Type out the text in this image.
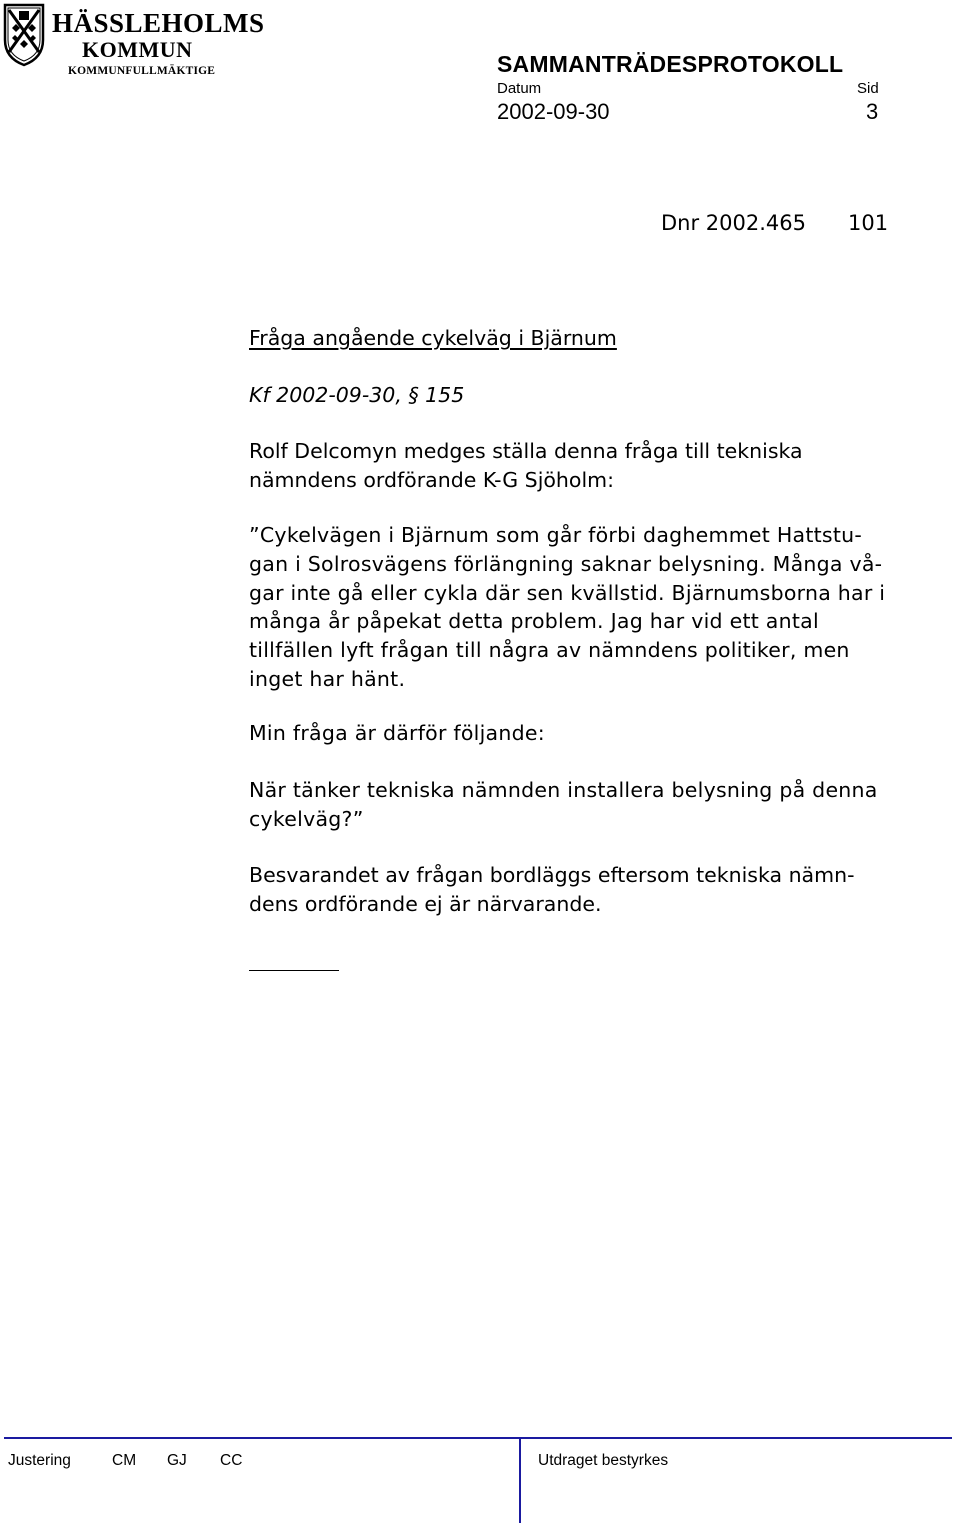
HÄSSLEHOLMS
KOMMUN
KOMMUNFULLMÄKTIGE	SAMMANTRÄDESPROTOKOLL
Datum	Sid
2002-09-30	3
Dnr 2002.465 101
Fråga angående cykelväg i Bjärnum
Kf 2002-09-30, § 155
Rolf Delcomyn medges ställa denna fråga till tekniska
nämndens ordförande K-G Sjöholm:
”Cykelvägen i Bjärnum som går förbi daghemmet Hattstu-
gan i Solrosvägens förlängning saknar belysning. Många vå-
gar inte gå eller cykla där sen kvällstid. Bjärnumsborna har i
många år påpekat detta problem. Jag har vid ett antal
tillfällen lyft frågan till några av nämndens politiker, men
inget har hänt.
Min fråga är därför följande:
När tänker tekniska nämnden installera belysning på denna
cykelväg?”
Besvarandet av frågan bordläggs eftersom tekniska nämn-
dens ordförande ej är närvarande.
Justering	CM GJ CC	Utdraget bestyrkes
